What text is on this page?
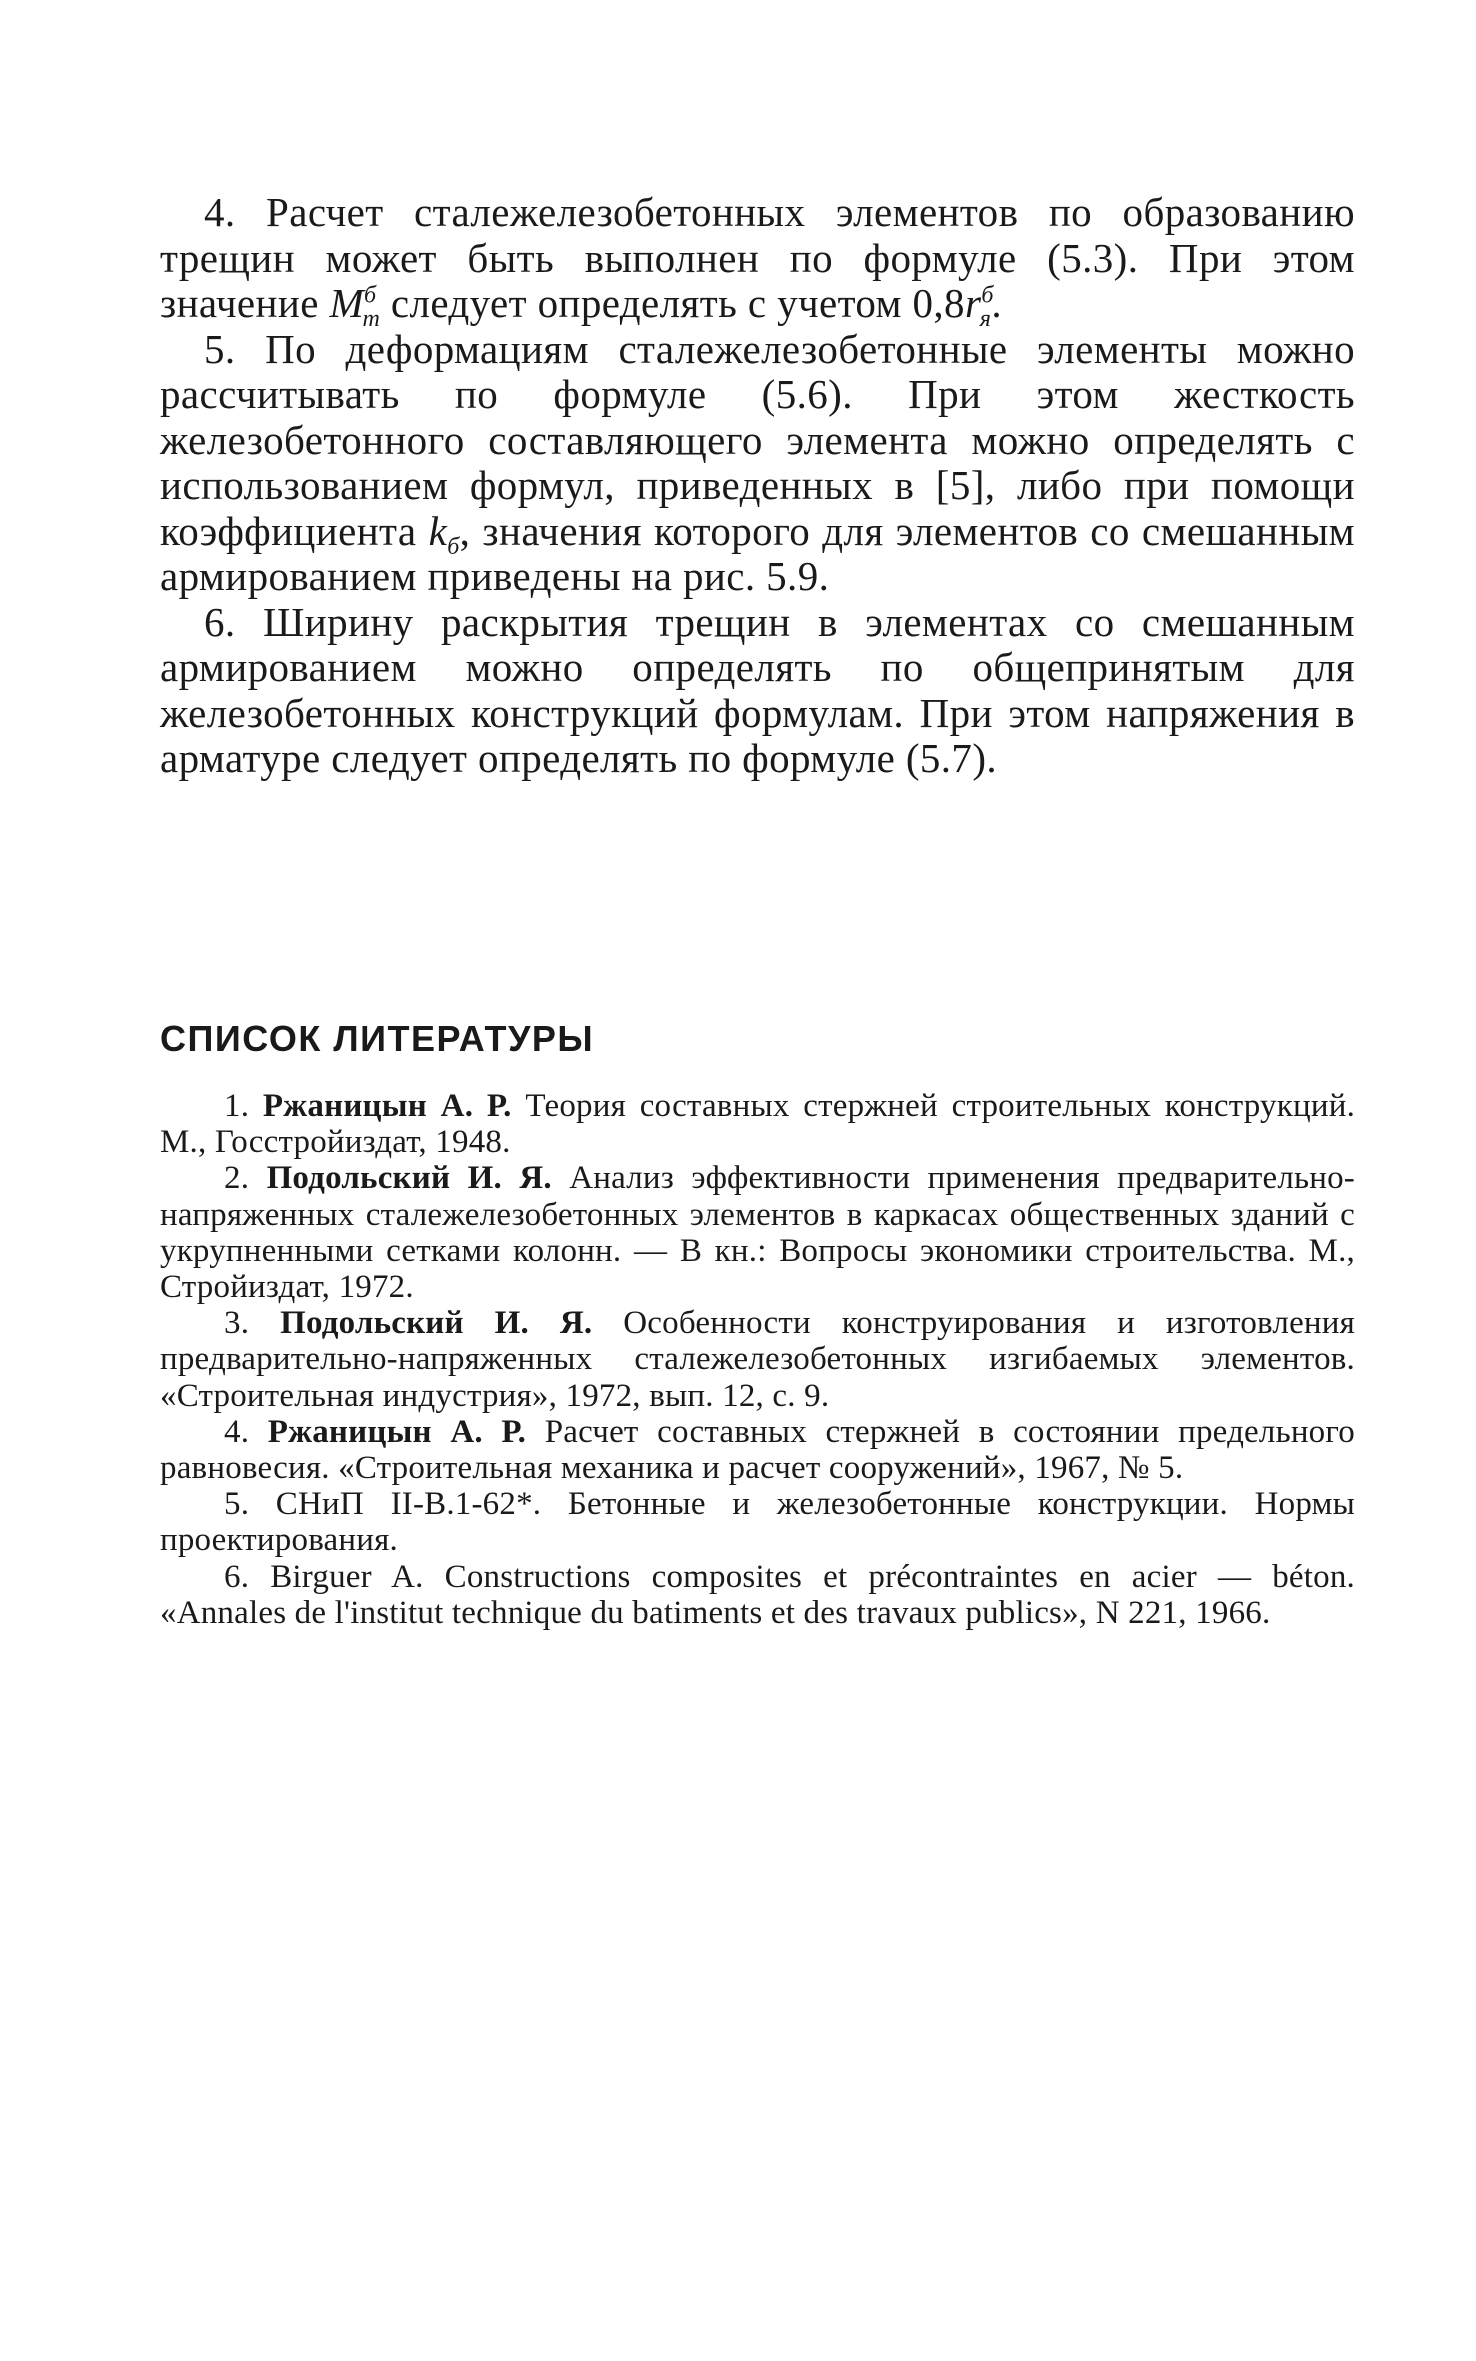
4. Расчет сталежелезобетонных элементов по образованию трещин может быть выполнен по формуле (5.3). При этом значение $M^б_т$ следует определять с учетом $0,8r^б_я$.

5. По деформациям сталежелезобетонные элементы можно рассчитывать по формуле (5.6). При этом жесткость железобетонного составляющего элемента можно определять с использованием формул, приведенных в [5], либо при помощи коэффициента $k_б$, значения которого для элементов со смешанным армированием приведены на рис. 5.9.

6. Ширину раскрытия трещин в элементах со смешанным армированием можно определять по общепринятым для железобетонных конструкций формулам. При этом напряжения в арматуре следует определять по формуле (5.7).

СПИСОК ЛИТЕРАТУРЫ

1. Ржаницын А. Р. Теория составных стержней строительных конструкций. М., Госстройиздат, 1948.

2. Подольский И. Я. Анализ эффективности применения предварительно-напряженных сталежелезобетонных элементов в каркасах общественных зданий с укрупненными сетками колонн. — В кн.: Вопросы экономики строительства. М., Стройиздат, 1972.

3. Подольский И. Я. Особенности конструирования и изготовления предварительно-напряженных сталежелезобетонных изгибаемых элементов. «Строительная индустрия», 1972, вып. 12, с. 9.

4. Ржаницын А. Р. Расчет составных стержней в состоянии предельного равновесия. «Строительная механика и расчет сооружений», 1967, № 5.

5. СНиП II-В.1-62*. Бетонные и железобетонные конструкции. Нормы проектирования.

6. Birguer A. Constructions composites et précontraintes en acier — béton. «Annales de l'institut technique du batiments et des travaux publics», N 221, 1966.
